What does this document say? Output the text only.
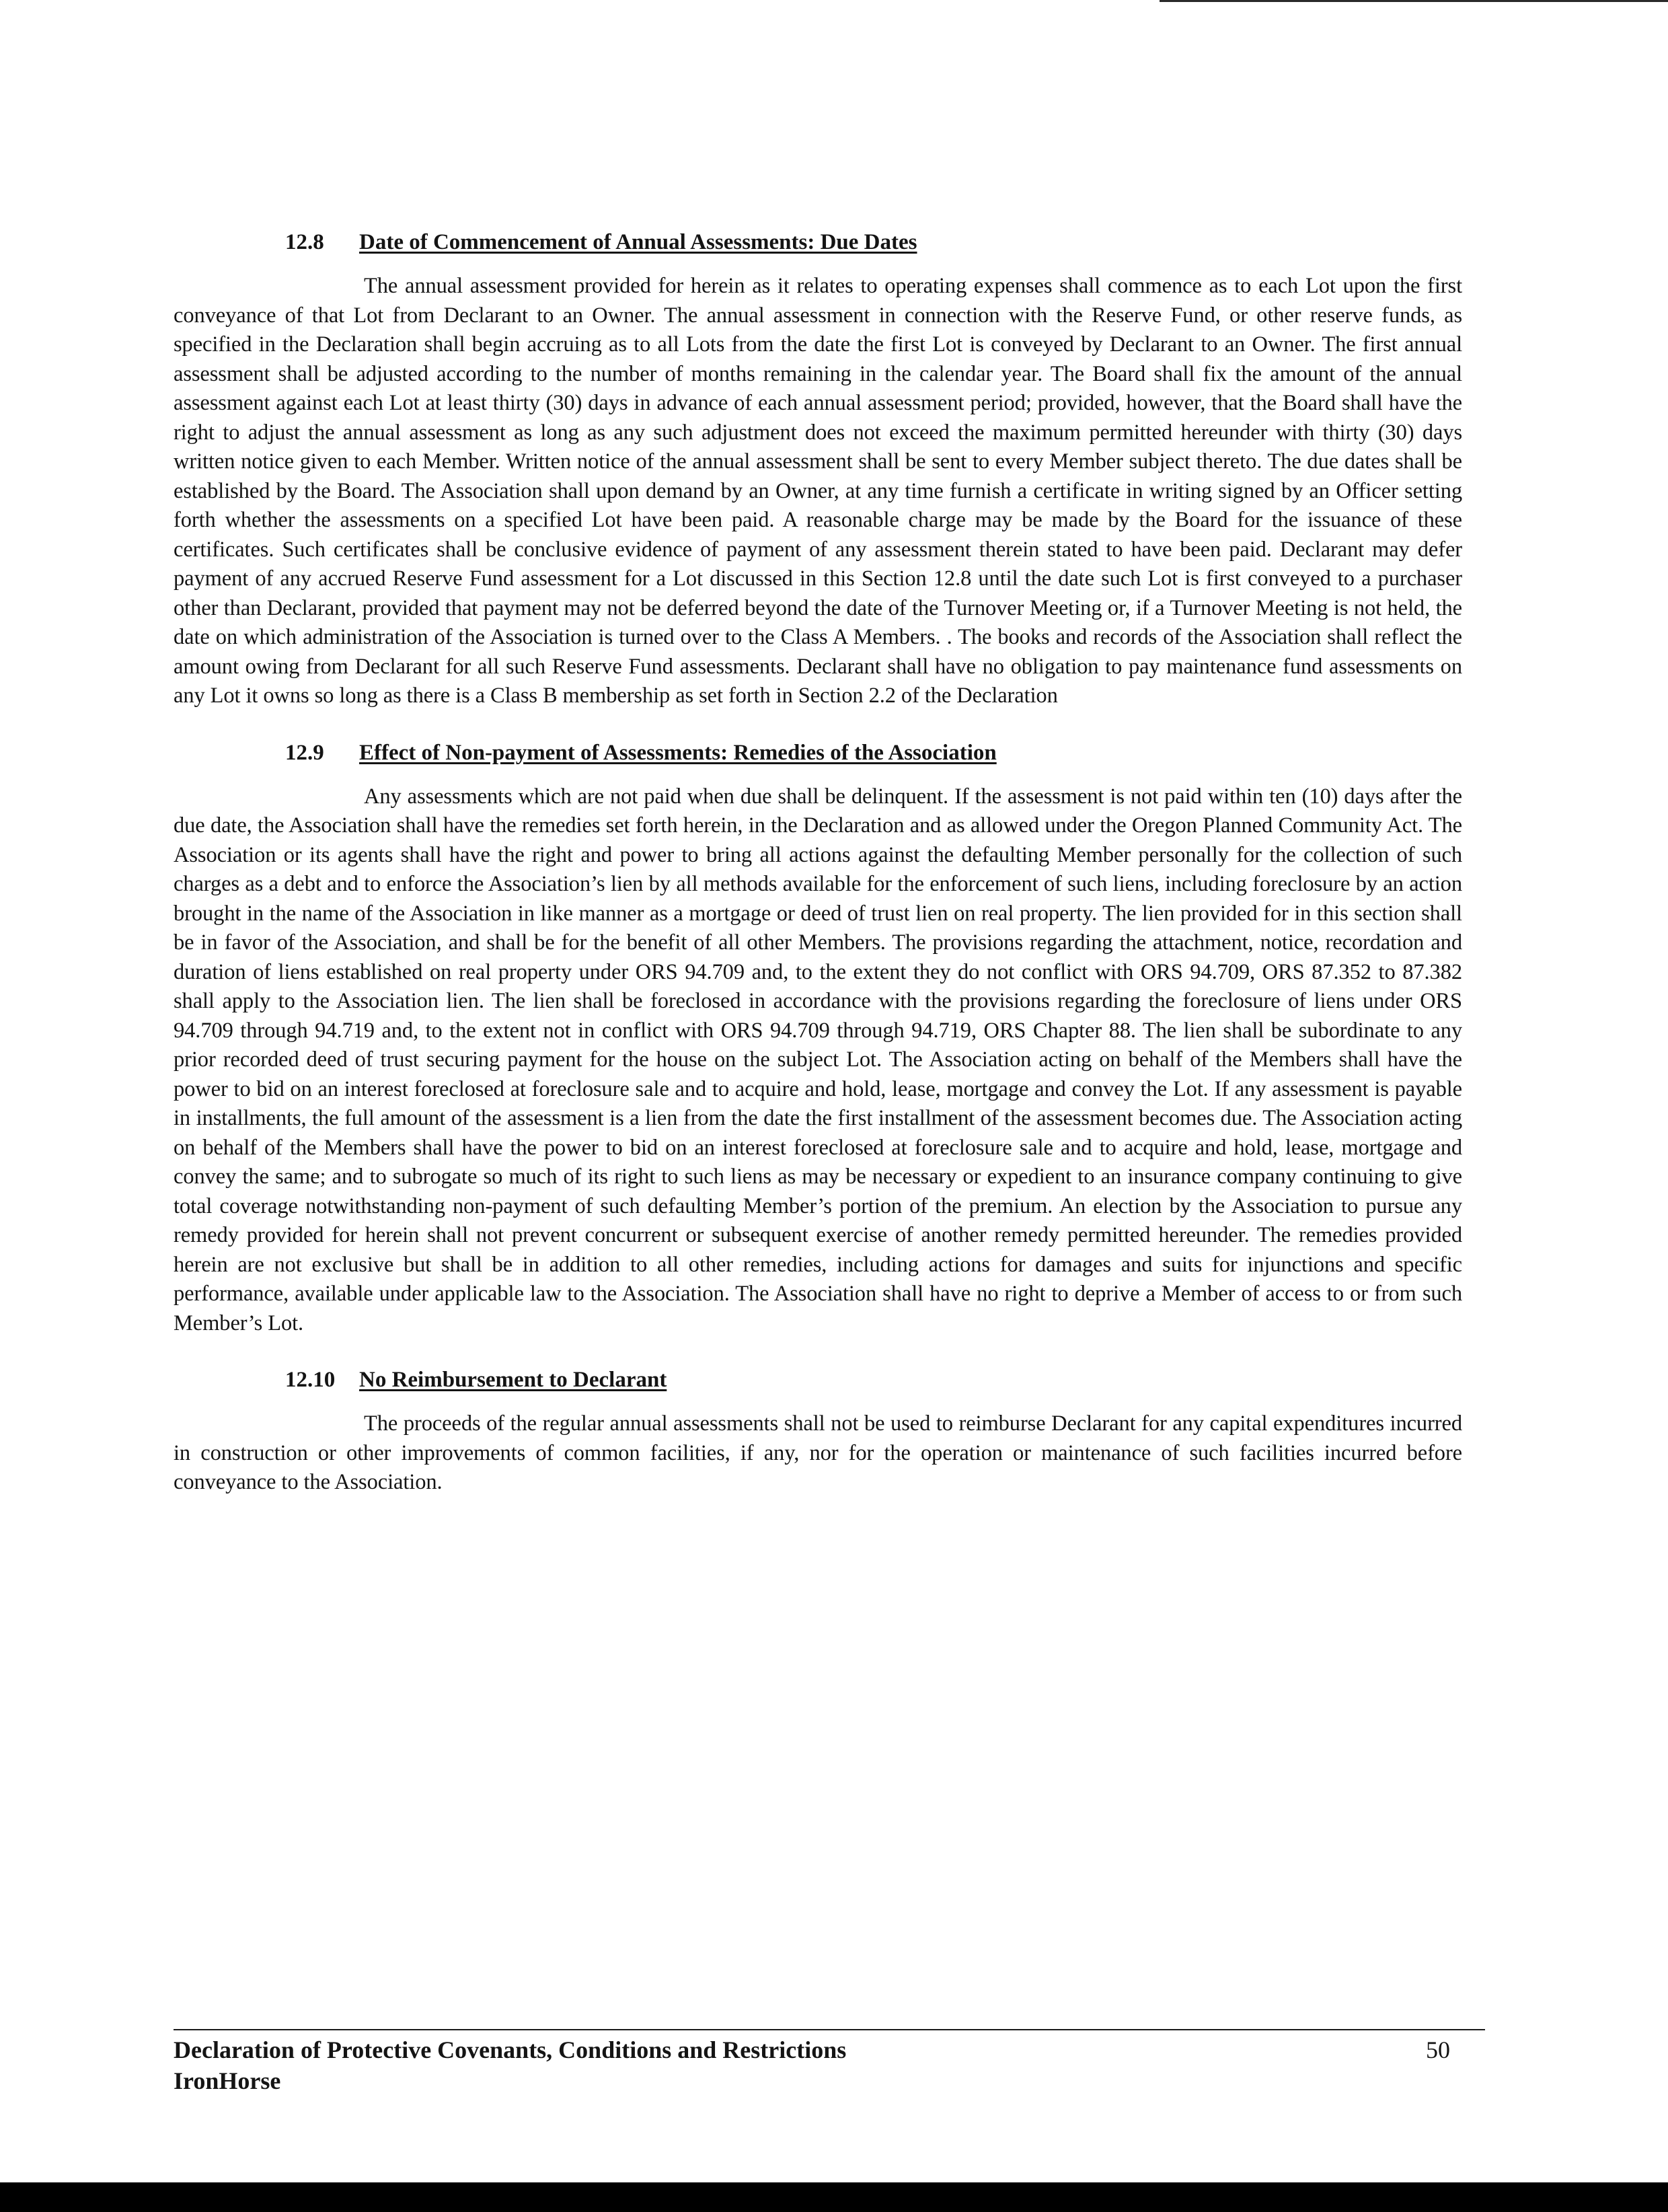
12.8	Date of Commencement of Annual Assessments: Due Dates

The annual assessment provided for herein as it relates to operating expenses shall commence as to each Lot upon the first conveyance of that Lot from Declarant to an Owner. The annual assessment in connection with the Reserve Fund, or other reserve funds, as specified in the Declaration shall begin accruing as to all Lots from the date the first Lot is conveyed by Declarant to an Owner. The first annual assessment shall be adjusted according to the number of months remaining in the calendar year. The Board shall fix the amount of the annual assessment against each Lot at least thirty (30) days in advance of each annual assessment period; provided, however, that the Board shall have the right to adjust the annual assessment as long as any such adjustment does not exceed the maximum permitted hereunder with thirty (30) days written notice given to each Member. Written notice of the annual assessment shall be sent to every Member subject thereto. The due dates shall be established by the Board. The Association shall upon demand by an Owner, at any time furnish a certificate in writing signed by an Officer setting forth whether the assessments on a specified Lot have been paid. A reasonable charge may be made by the Board for the issuance of these certificates. Such certificates shall be conclusive evidence of payment of any assessment therein stated to have been paid. Declarant may defer payment of any accrued Reserve Fund assessment for a Lot discussed in this Section 12.8 until the date such Lot is first conveyed to a purchaser other than Declarant, provided that payment may not be deferred beyond the date of the Turnover Meeting or, if a Turnover Meeting is not held, the date on which administration of the Association is turned over to the Class A Members. . The books and records of the Association shall reflect the amount owing from Declarant for all such Reserve Fund assessments. Declarant shall have no obligation to pay maintenance fund assessments on any Lot it owns so long as there is a Class B membership as set forth in Section 2.2 of the Declaration

12.9	Effect of Non-payment of Assessments: Remedies of the Association

Any assessments which are not paid when due shall be delinquent. If the assessment is not paid within ten (10) days after the due date, the Association shall have the remedies set forth herein, in the Declaration and as allowed under the Oregon Planned Community Act. The Association or its agents shall have the right and power to bring all actions against the defaulting Member personally for the collection of such charges as a debt and to enforce the Association’s lien by all methods available for the enforcement of such liens, including foreclosure by an action brought in the name of the Association in like manner as a mortgage or deed of trust lien on real property. The lien provided for in this section shall be in favor of the Association, and shall be for the benefit of all other Members. The provisions regarding the attachment, notice, recordation and duration of liens established on real property under ORS 94.709 and, to the extent they do not conflict with ORS 94.709, ORS 87.352 to 87.382 shall apply to the Association lien. The lien shall be foreclosed in accordance with the provisions regarding the foreclosure of liens under ORS 94.709 through 94.719 and, to the extent not in conflict with ORS 94.709 through 94.719, ORS Chapter 88. The lien shall be subordinate to any prior recorded deed of trust securing payment for the house on the subject Lot. The Association acting on behalf of the Members shall have the power to bid on an interest foreclosed at foreclosure sale and to acquire and hold, lease, mortgage and convey the Lot. If any assessment is payable in installments, the full amount of the assessment is a lien from the date the first installment of the assessment becomes due. The Association acting on behalf of the Members shall have the power to bid on an interest foreclosed at foreclosure sale and to acquire and hold, lease, mortgage and convey the same; and to subrogate so much of its right to such liens as may be necessary or expedient to an insurance company continuing to give total coverage notwithstanding non-payment of such defaulting Member’s portion of the premium. An election by the Association to pursue any remedy provided for herein shall not prevent concurrent or subsequent exercise of another remedy permitted hereunder. The remedies provided herein are not exclusive but shall be in addition to all other remedies, including actions for damages and suits for injunctions and specific performance, available under applicable law to the Association. The Association shall have no right to deprive a Member of access to or from such Member’s Lot.

12.10	No Reimbursement to Declarant

The proceeds of the regular annual assessments shall not be used to reimburse Declarant for any capital expenditures incurred in construction or other improvements of common facilities, if any, nor for the operation or maintenance of such facilities incurred before conveyance to the Association.

Declaration of Protective Covenants, Conditions and Restrictions	50
IronHorse
